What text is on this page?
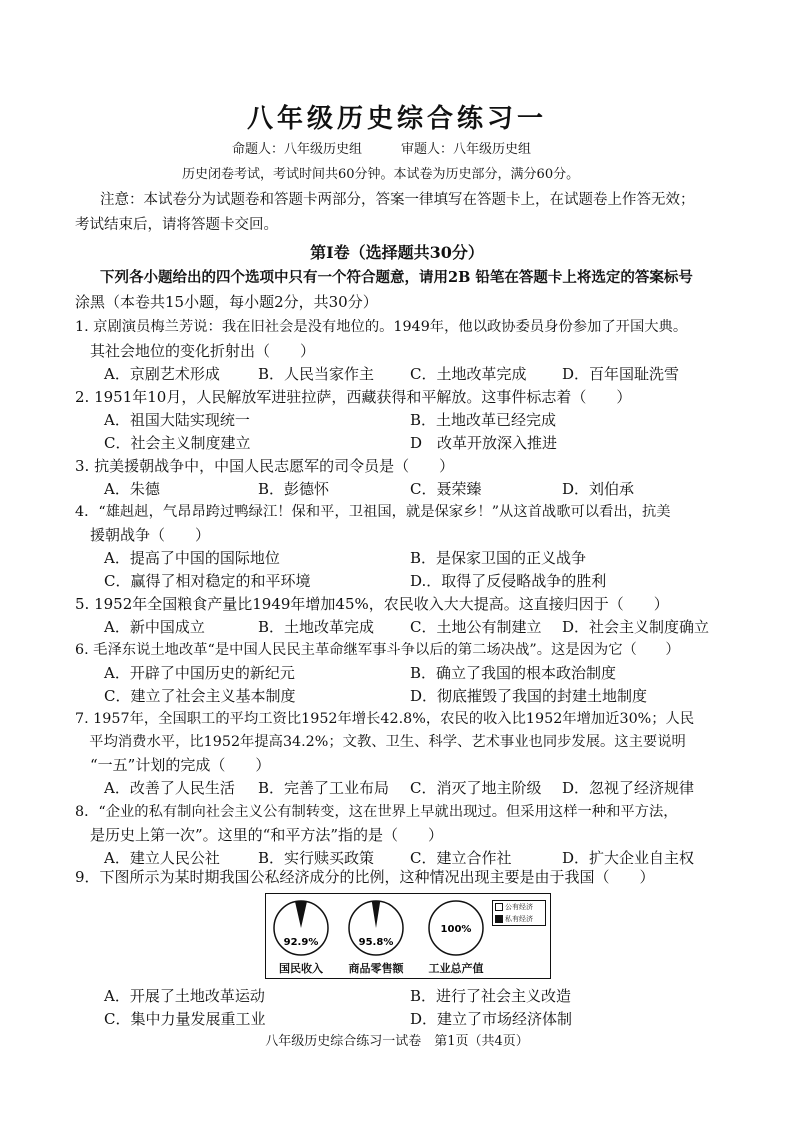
八年级历史综合练习一
命题人：八年级历史组　　　审题人：八年级历史组
历史闭卷考试，考试时间共60分钟。本试卷为历史部分，满分60分。
注意：本试卷分为试题卷和答题卡两部分，答案一律填写在答题卡上，在试题卷上作答无效；
考试结束后，请将答题卡交回。
第Ⅰ卷（选择题共30分）
下列各小题给出的四个选项中只有一个符合题意，请用2B 铅笔在答题卡上将选定的答案标号
涂黑（本卷共15小题，每小题2分，共30分）
1. 京剧演员梅兰芳说：我在旧社会是没有地位的。1949年，他以政协委员身份参加了开国大典。
　其社会地位的变化折射出（　　）
A．京剧艺术形成	B．人民当家作主 C．土地改革完成 D．百年国耻洗雪
2. 1951年10月，人民解放军进驻拉萨，西藏获得和平解放。这事件标志着（　　）
A．祖国大陆实现统一	B．土地改革已经完成
C．社会主义制度建立	D　改革开放深入推进
3. 抗美援朝战争中，中国人民志愿军的司令员是（　　）
A．朱德	B．彭德怀	C．聂荣臻	D．刘伯承
4．“雄赳赳，气昂昂跨过鸭绿江！保和平，卫祖国，就是保家乡！”从这首战歌可以看出，抗美
　援朝战争（　　）
A．提高了中国的国际地位	B．是保家卫国的正义战争
C．赢得了相对稳定的和平环境	D.．取得了反侵略战争的胜利
5. 1952年全国粮食产量比1949年增加45%，农民收入大大提高。这直接归因于（　　）
A．新中国成立	B．土地改革完成 C．土地公有制建立 D．社会主义制度确立
6. 毛泽东说土地改革“是中国人民民主革命继军事斗争以后的第二场决战”。这是因为它（　　）
A．开辟了中国历史的新纪元	B．确立了我国的根本政治制度
C．建立了社会主义基本制度	D．彻底摧毁了我国的封建土地制度
7. 1957年，全国职工的平均工资比1952年增长42.8%，农民的收入比1952年增加近30%；人民
　平均消费水平，比1952年提高34.2%；文教、卫生、科学、艺术事业也同步发展。这主要说明
　“一五”计划的完成（　　）
A．改善了人民生活 B．完善了工业布局 C．消灭了地主阶级 D．忽视了经济规律
8．“企业的私有制向社会主义公有制转变，这在世界上早就出现过。但采用这样一种和平方法，
　是历史上第一次”。这里的“和平方法”指的是（　　）
A．建立人民公社	B．实行赎买政策 C．建立合作社	D．扩大企业自主权
9．下图所示为某时期我国公私经济成分的比例，这种情况出现主要是由于我国（　　）
公有经济
私有经济
92.9%
国民收入
95.8%
商品零售额
100%
工业总产值
A．开展了土地改革运动	B．进行了社会主义改造
C．集中力量发展重工业	D．建立了市场经济体制
八年级历史综合练习一试卷　第1页（共4页）
